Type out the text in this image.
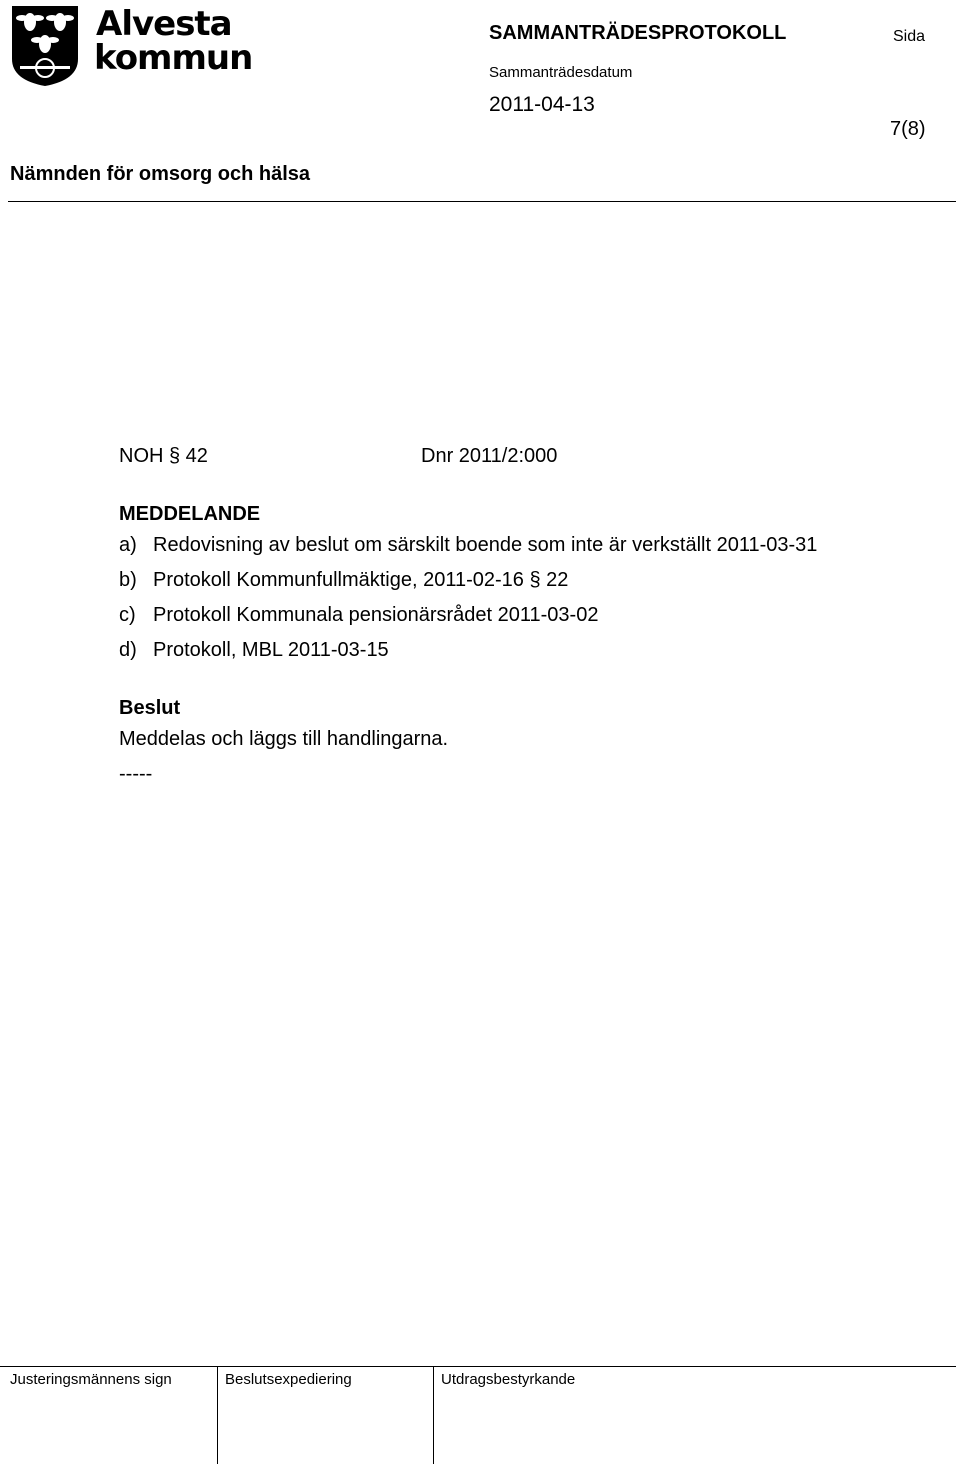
Alvesta
kommun
SAMMANTRÄDESPROTOKOLL	Sida
Sammanträdesdatum
2011-04-13
7(8)
Nämnden för omsorg och hälsa
NOH § 42	Dnr 2011/2:000
MEDDELANDE
a) Redovisning av beslut om särskilt boende som inte är verkställt 2011-03-31
b) Protokoll Kommunfullmäktige, 2011-02-16 § 22
c) Protokoll Kommunala pensionärsrådet 2011-03-02
d) Protokoll, MBL 2011-03-15
Beslut
Meddelas och läggs till handlingarna.
-----
Justeringsmännens sign	Beslutsexpediering	Utdragsbestyrkande
